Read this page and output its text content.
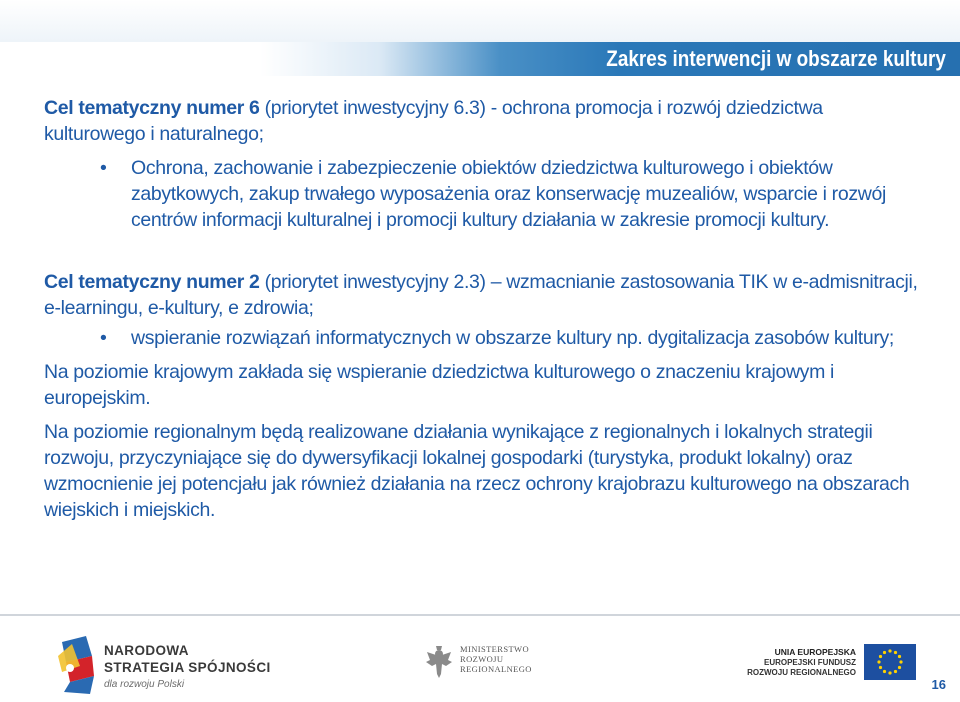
Zakres interwencji w obszarze kultury

Cel tematyczny numer 6 (priorytet inwestycyjny 6.3) - ochrona promocja i rozwój dziedzictwa kulturowego i naturalnego;

• Ochrona, zachowanie i zabezpieczenie obiektów dziedzictwa kulturowego i obiektów zabytkowych, zakup trwałego wyposażenia oraz konserwację muzealiów, wsparcie i rozwój centrów informacji kulturalnej i promocji kultury działania w zakresie promocji kultury.

Cel tematyczny numer 2 (priorytet inwestycyjny 2.3) – wzmacnianie zastosowania TIK w e-admisnitracji, e-learningu, e-kultury, e zdrowia;

• wspieranie rozwiązań informatycznych w obszarze kultury np. dygitalizacja zasobów kultury;

Na poziomie krajowym zakłada się wspieranie dziedzictwa kulturowego o znaczeniu krajowym i europejskim.

Na poziomie regionalnym będą realizowane działania wynikające z regionalnych i lokalnych strategii rozwoju, przyczyniające się do dywersyfikacji lokalnej gospodarki (turystyka, produkt lokalny) oraz wzmocnienie jej potencjału jak również działania na rzecz ochrony krajobrazu kulturowego na obszarach wiejskich i miejskich.

NARODOWA
STRATEGIA SPÓJNOŚCI
dla rozwoju Polski
MINISTERSTWO
ROZWOJU
REGIONALNEGO
UNIA EUROPEJSKA
EUROPEJSKI FUNDUSZ
ROZWOJU REGIONALNEGO
16
